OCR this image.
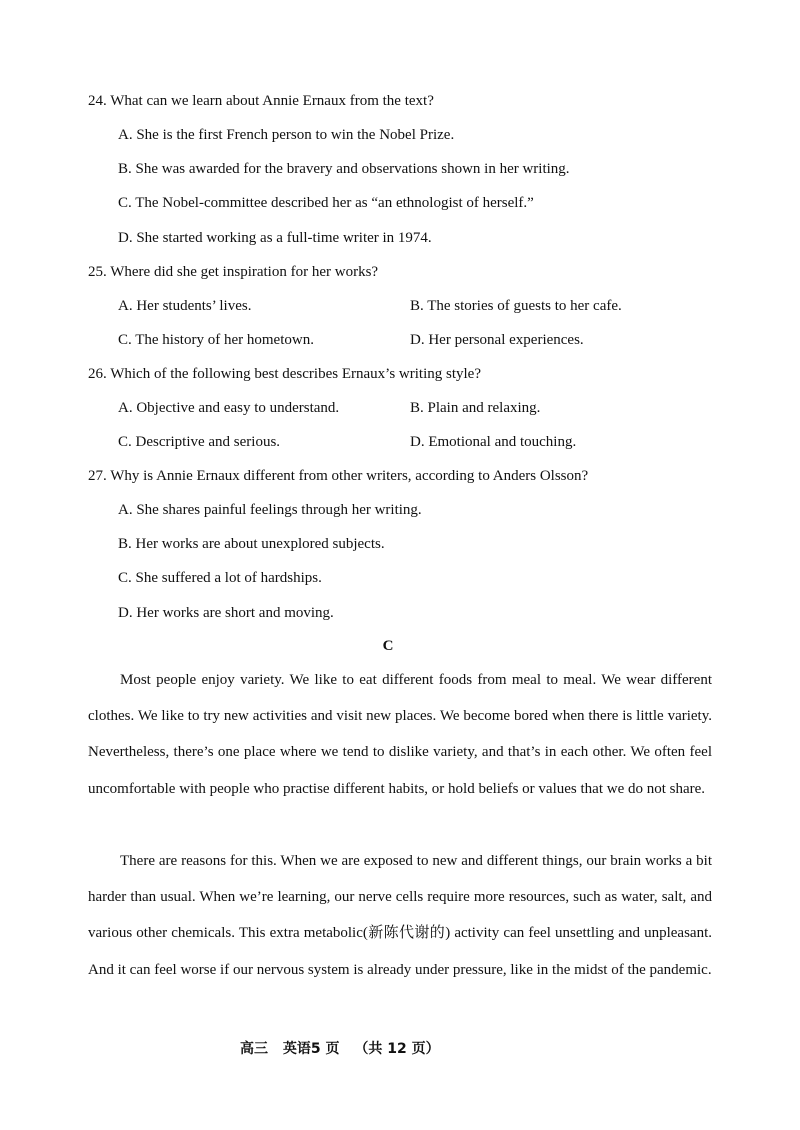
24. What can we learn about Annie Ernaux from the text?
A. She is the first French person to win the Nobel Prize.
B. She was awarded for the bravery and observations shown in her writing.
C. The Nobel-committee described her as “an ethnologist of herself.”
D. She started working as a full-time writer in 1974.
25. Where did she get inspiration for her works?
A. Her students’ lives.	B. The stories of guests to her cafe.
C. The history of her hometown.	D. Her personal experiences.
26. Which of the following best describes Ernaux’s writing style?
A. Objective and easy to understand.	B. Plain and relaxing.
C. Descriptive and serious.	D. Emotional and touching.
27. Why is Annie Ernaux different from other writers, according to Anders Olsson?
A. She shares painful feelings through her writing.
B. Her works are about unexplored subjects.
C. She suffered a lot of hardships.
D. Her works are short and moving.
C

Most people enjoy variety. We like to eat different foods from meal to meal. We wear different clothes. We like to try new activities and visit new places. We become bored when there is little variety. Nevertheless, there’s one place where we tend to dislike variety, and that’s in each other. We often feel uncomfortable with people who practise different habits, or hold beliefs or values that we do not share.

There are reasons for this. When we are exposed to new and different things, our brain works a bit harder than usual. When we’re learning, our nerve cells require more resources, such as water, salt, and various other chemicals. This extra metabolic(新陈代谢的) activity can feel unsettling and unpleasant. And it can feel worse if our nervous system is already under pressure, like in the midst of the pandemic.

高三 英语5 页 （共 12 页）
